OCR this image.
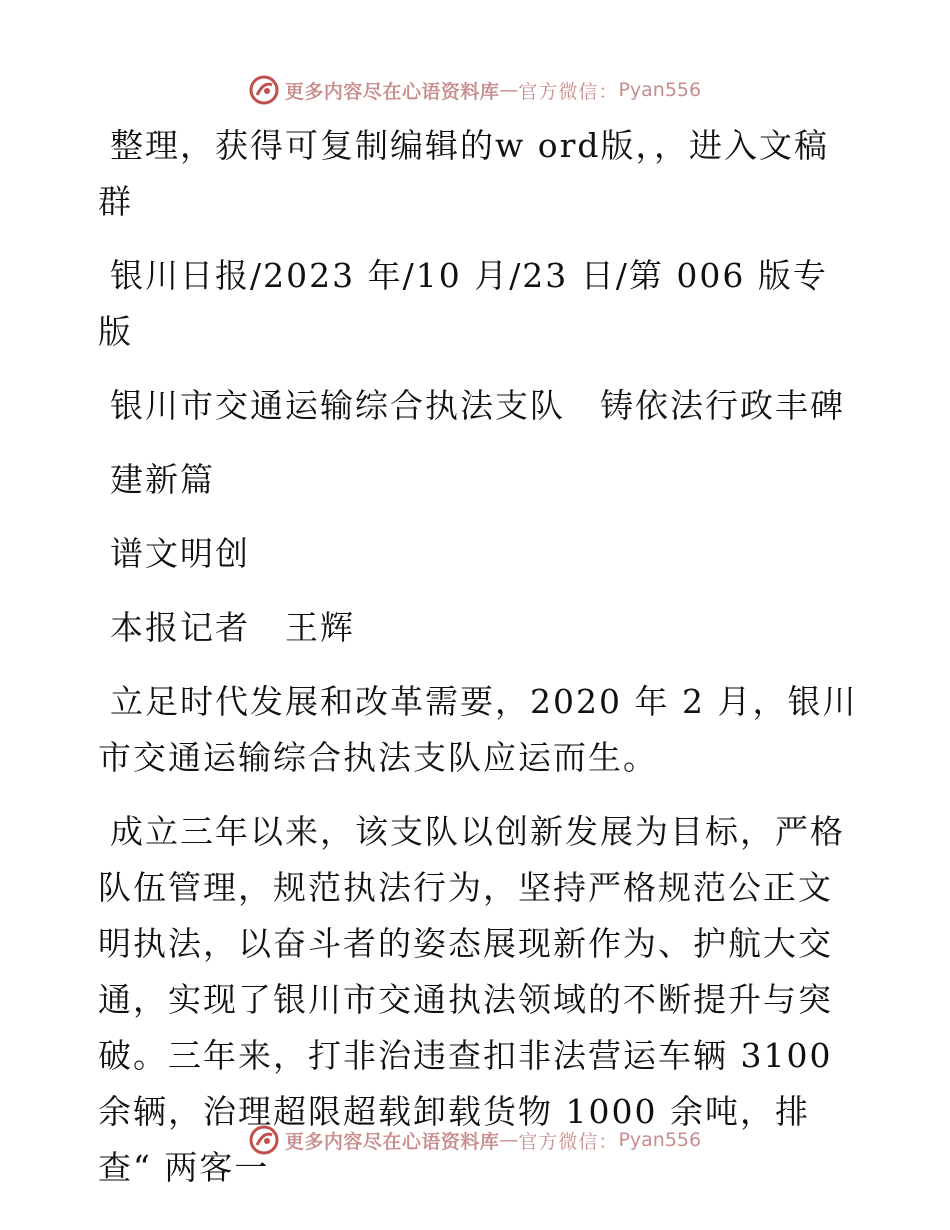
更多内容尽在心语资料库 — 官方微信： Pyan556

整理，获得可复制编辑的w ord版，，进入文稿群

银川日报/2023 年/10 月/23 日/第 006 版专版

银川市交通运输综合执法支队　铸依法行政丰碑

建新篇

谱文明创

本报记者　王辉

立足时代发展和改革需要，2020 年 2 月，银川市交通运输综合执法支队应运而生。

成立三年以来，该支队以创新发展为目标，严格队伍管理，规范执法行为，坚持严格规范公正文明执法，以奋斗者的姿态展现新作为、护航大交通，实现了银川市交通执法领域的不断提升与突破。三年来，打非治违查扣非法营运车辆 3100 余辆，治理超限超载卸载货物 1000 余吨，排查“ 两客一

更多内容尽在心语资料库 — 官方微信： Pyan556
